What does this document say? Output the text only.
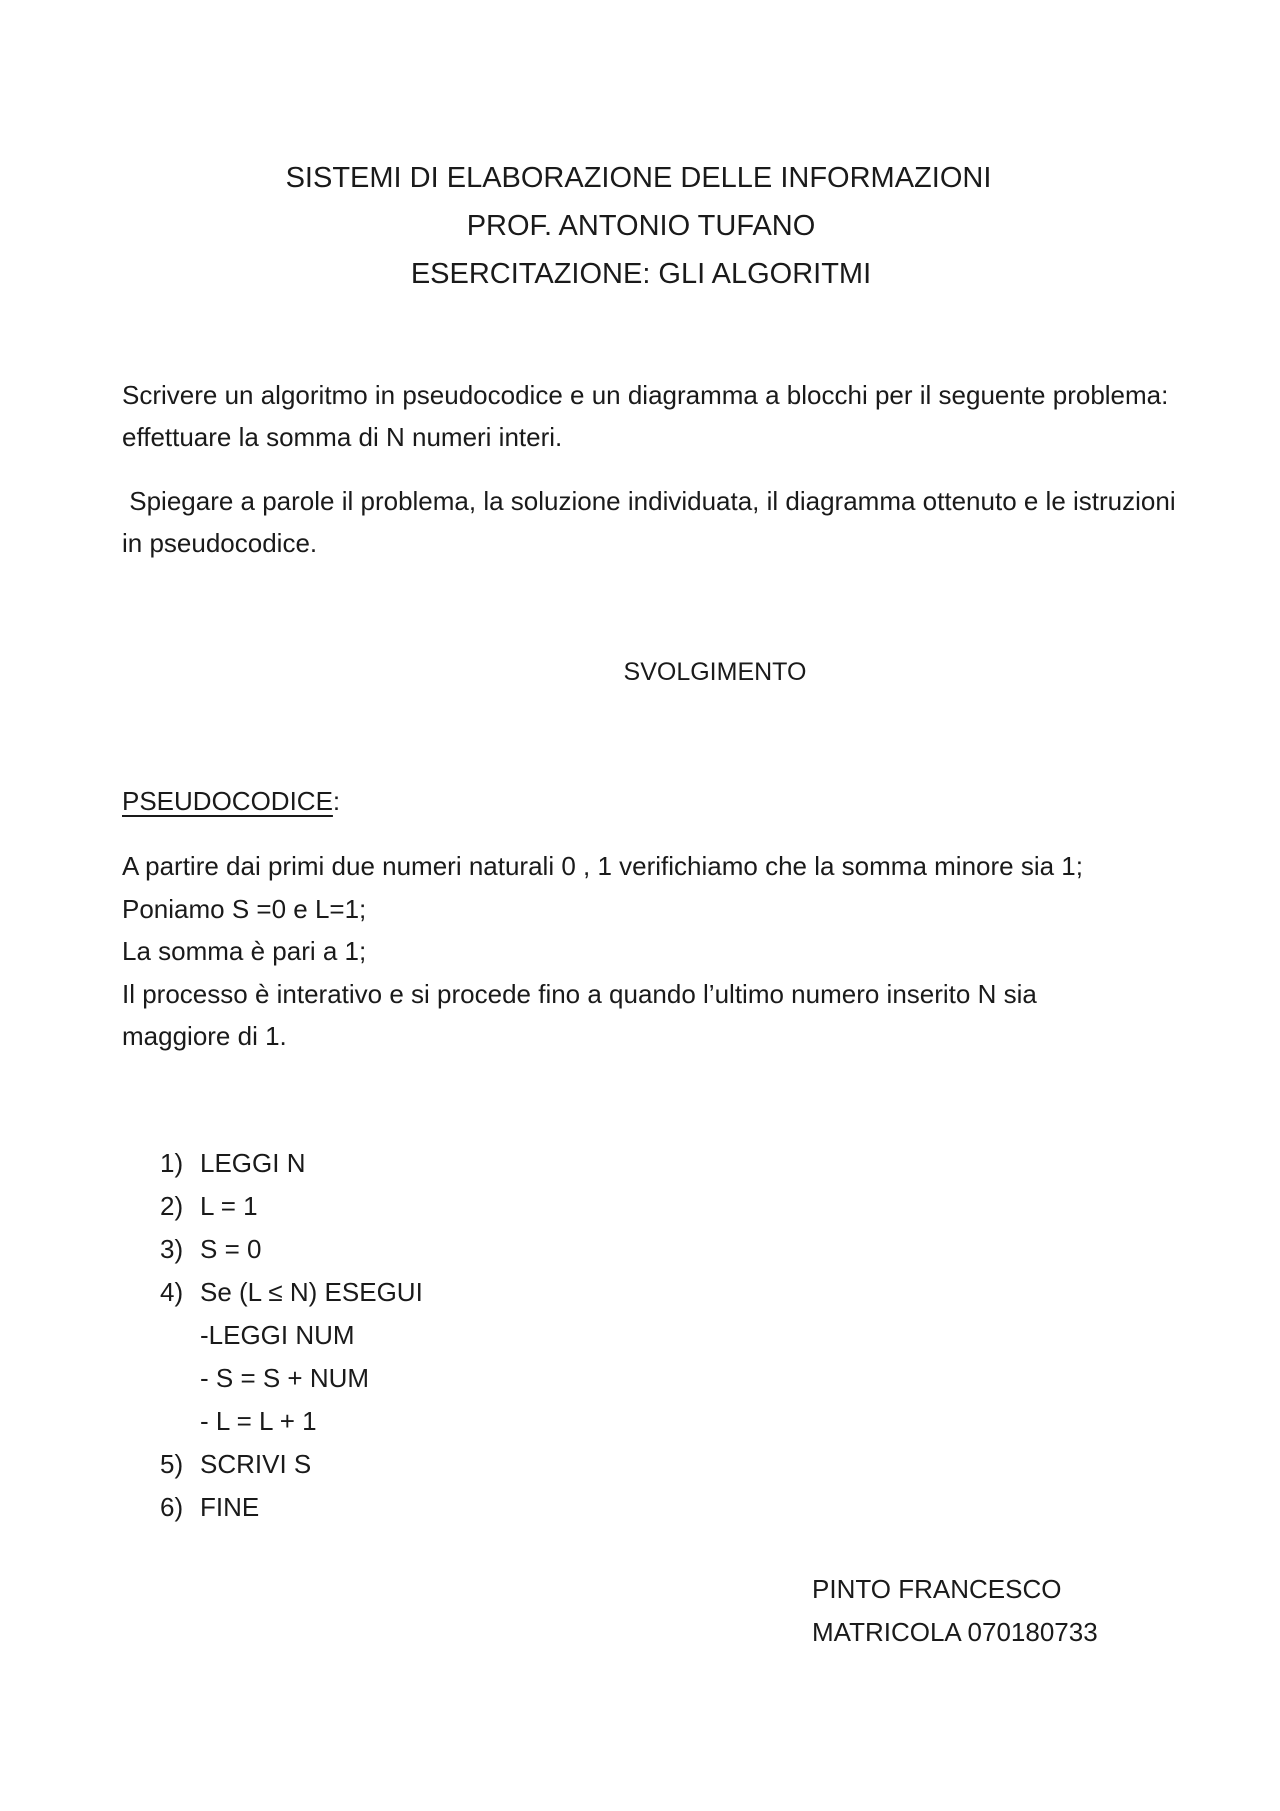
SISTEMI DI ELABORAZIONE DELLE INFORMAZIONI
PROF. ANTONIO TUFANO
ESERCITAZIONE: GLI ALGORITMI
Scrivere un algoritmo in pseudocodice e un diagramma a blocchi per il seguente problema: effettuare la somma di N numeri interi.
Spiegare a parole il problema, la soluzione individuata, il diagramma ottenuto e le istruzioni in pseudocodice.
SVOLGIMENTO
PSEUDOCODICE:
A partire dai primi due numeri naturali 0 , 1 verifichiamo che la somma minore sia 1;
Poniamo S =0 e L=1;
La somma è pari a 1;
Il processo è interativo e si procede fino a quando l’ultimo numero inserito N sia
maggiore di 1.
1) LEGGI N
2) L = 1
3) S = 0
4) Se (L ≤ N) ESEGUI
-LEGGI NUM
- S = S + NUM
- L = L + 1
5) SCRIVI S
6) FINE
PINTO FRANCESCO
MATRICOLA 070180733
